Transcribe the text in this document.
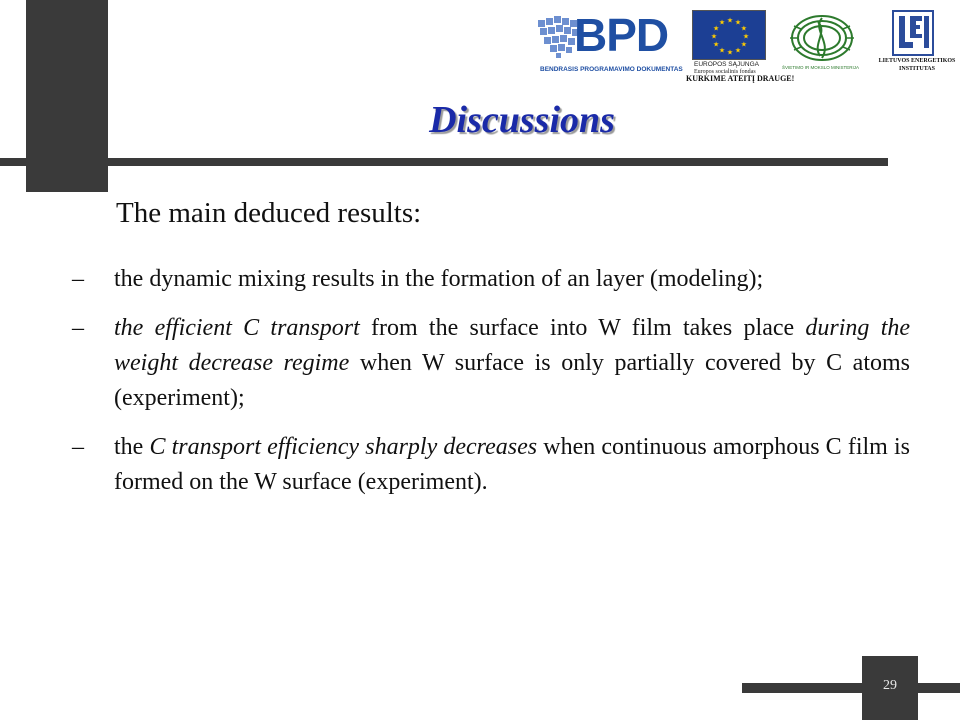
BPD
BENDRASIS PROGRAMAVIMO DOKUMENTAS
★ ★
★
★
★
★
★
★
★
★
★
★
EUROPOS SĄJUNGA
Europos socialinis fondas
KURKIME ATEITĮ DRAUGE!
ŠVIETIMO IR MOKSLO MINISTERIJA
LIETUVOS ENERGETIKOS
INSTITUTAS
Discussions
The main deduced results:
– the dynamic mixing results in the formation of an layer (modeling);
– the efficient C transport from the surface into W film takes place during the weight decrease regime when W surface is only partially covered by C atoms (experiment);
– the C transport efficiency sharply decreases when continuous amorphous C film is formed on the W surface (experiment).
29
